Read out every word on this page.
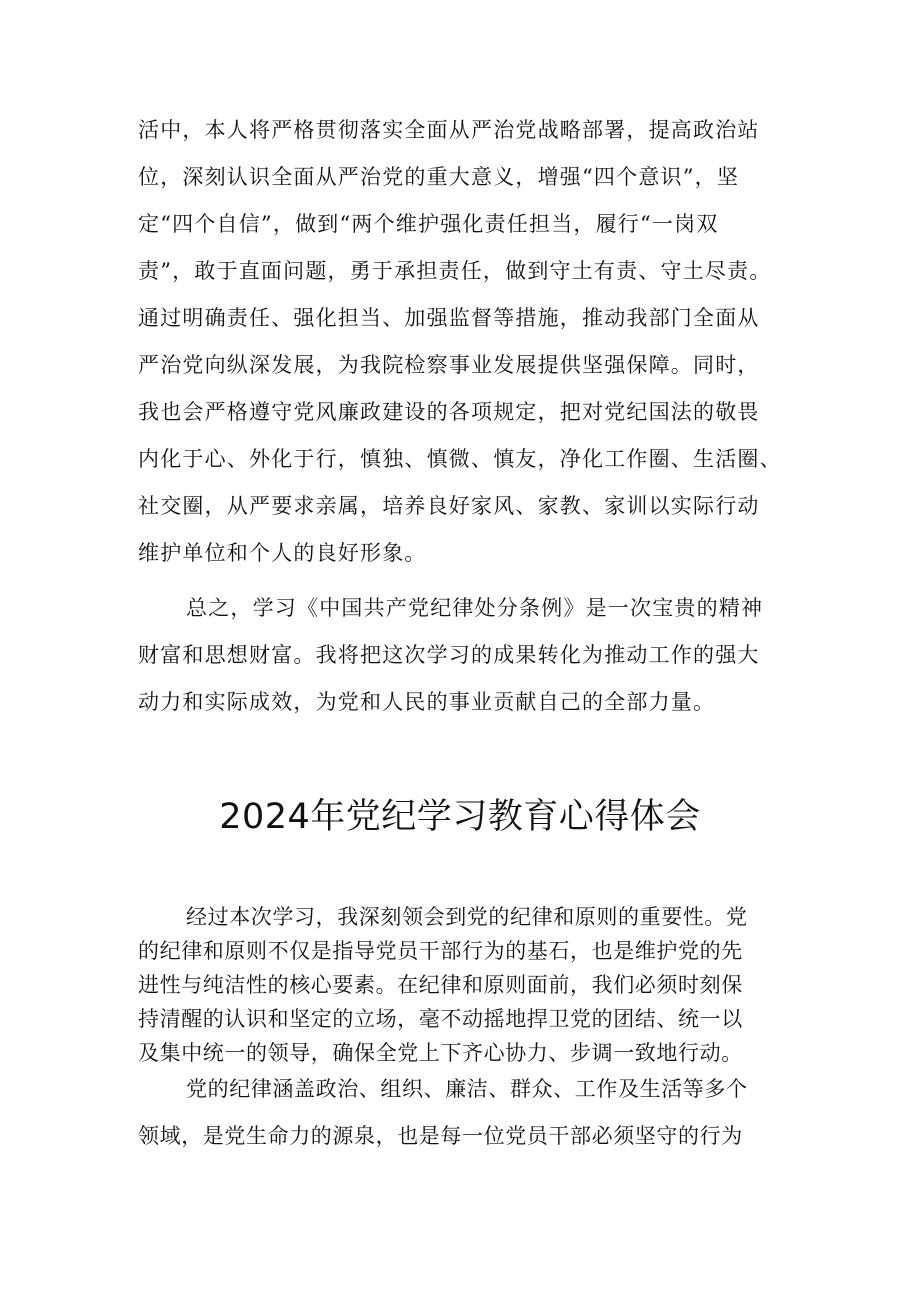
活中，本人将严格贯彻落实全面从严治党战略部署，提高政治站
位，深刻认识全面从严治党的重大意义，增强“四个意识”，坚
定“四个自信”，做到“两个维护强化责任担当，履行“一岗双
责”，敢于直面问题，勇于承担责任，做到守土有责、守土尽责。
通过明确责任、强化担当、加强监督等措施，推动我部门全面从
严治党向纵深发展，为我院检察事业发展提供坚强保障。同时，
我也会严格遵守党风廉政建设的各项规定，把对党纪国法的敬畏
内化于心、外化于行，慎独、慎微、慎友，净化工作圈、生活圈、
社交圈，从严要求亲属，培养良好家风、家教、家训以实际行动
维护单位和个人的良好形象。
总之，学习《中国共产党纪律处分条例》是一次宝贵的精神
财富和思想财富。我将把这次学习的成果转化为推动工作的强大
动力和实际成效，为党和人民的事业贡献自己的全部力量。
2024年党纪学习教育心得体会
经过本次学习，我深刻领会到党的纪律和原则的重要性。党
的纪律和原则不仅是指导党员干部行为的基石，也是维护党的先
进性与纯洁性的核心要素。在纪律和原则面前，我们必须时刻保
持清醒的认识和坚定的立场，毫不动摇地捍卫党的团结、统一以
及集中统一的领导，确保全党上下齐心协力、步调一致地行动。
党的纪律涵盖政治、组织、廉洁、群众、工作及生活等多个
领域，是党生命力的源泉，也是每一位党员干部必须坚守的行为
